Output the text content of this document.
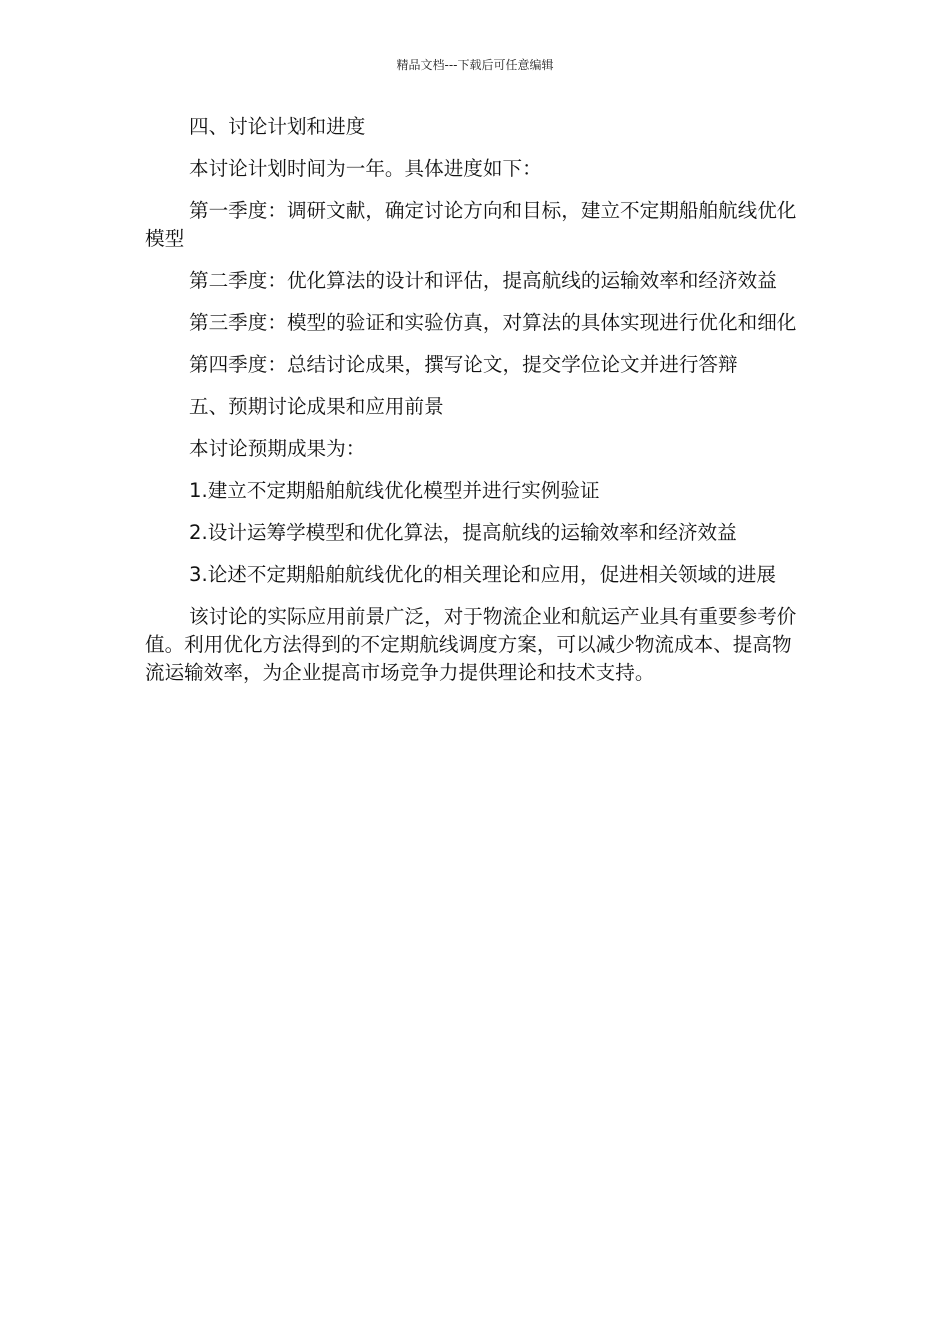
精品文档---下载后可任意编辑

四、讨论计划和进度

本讨论计划时间为一年。具体进度如下：

第一季度：调研文献，确定讨论方向和目标，建立不定期船舶航线优化模型

第二季度：优化算法的设计和评估，提高航线的运输效率和经济效益

第三季度：模型的验证和实验仿真，对算法的具体实现进行优化和细化

第四季度：总结讨论成果，撰写论文，提交学位论文并进行答辩

五、预期讨论成果和应用前景

本讨论预期成果为：

1.建立不定期船舶航线优化模型并进行实例验证

2.设计运筹学模型和优化算法，提高航线的运输效率和经济效益

3.论述不定期船舶航线优化的相关理论和应用，促进相关领域的进展

该讨论的实际应用前景广泛，对于物流企业和航运产业具有重要参考价值。利用优化方法得到的不定期航线调度方案，可以减少物流成本、提高物流运输效率，为企业提高市场竞争力提供理论和技术支持。
